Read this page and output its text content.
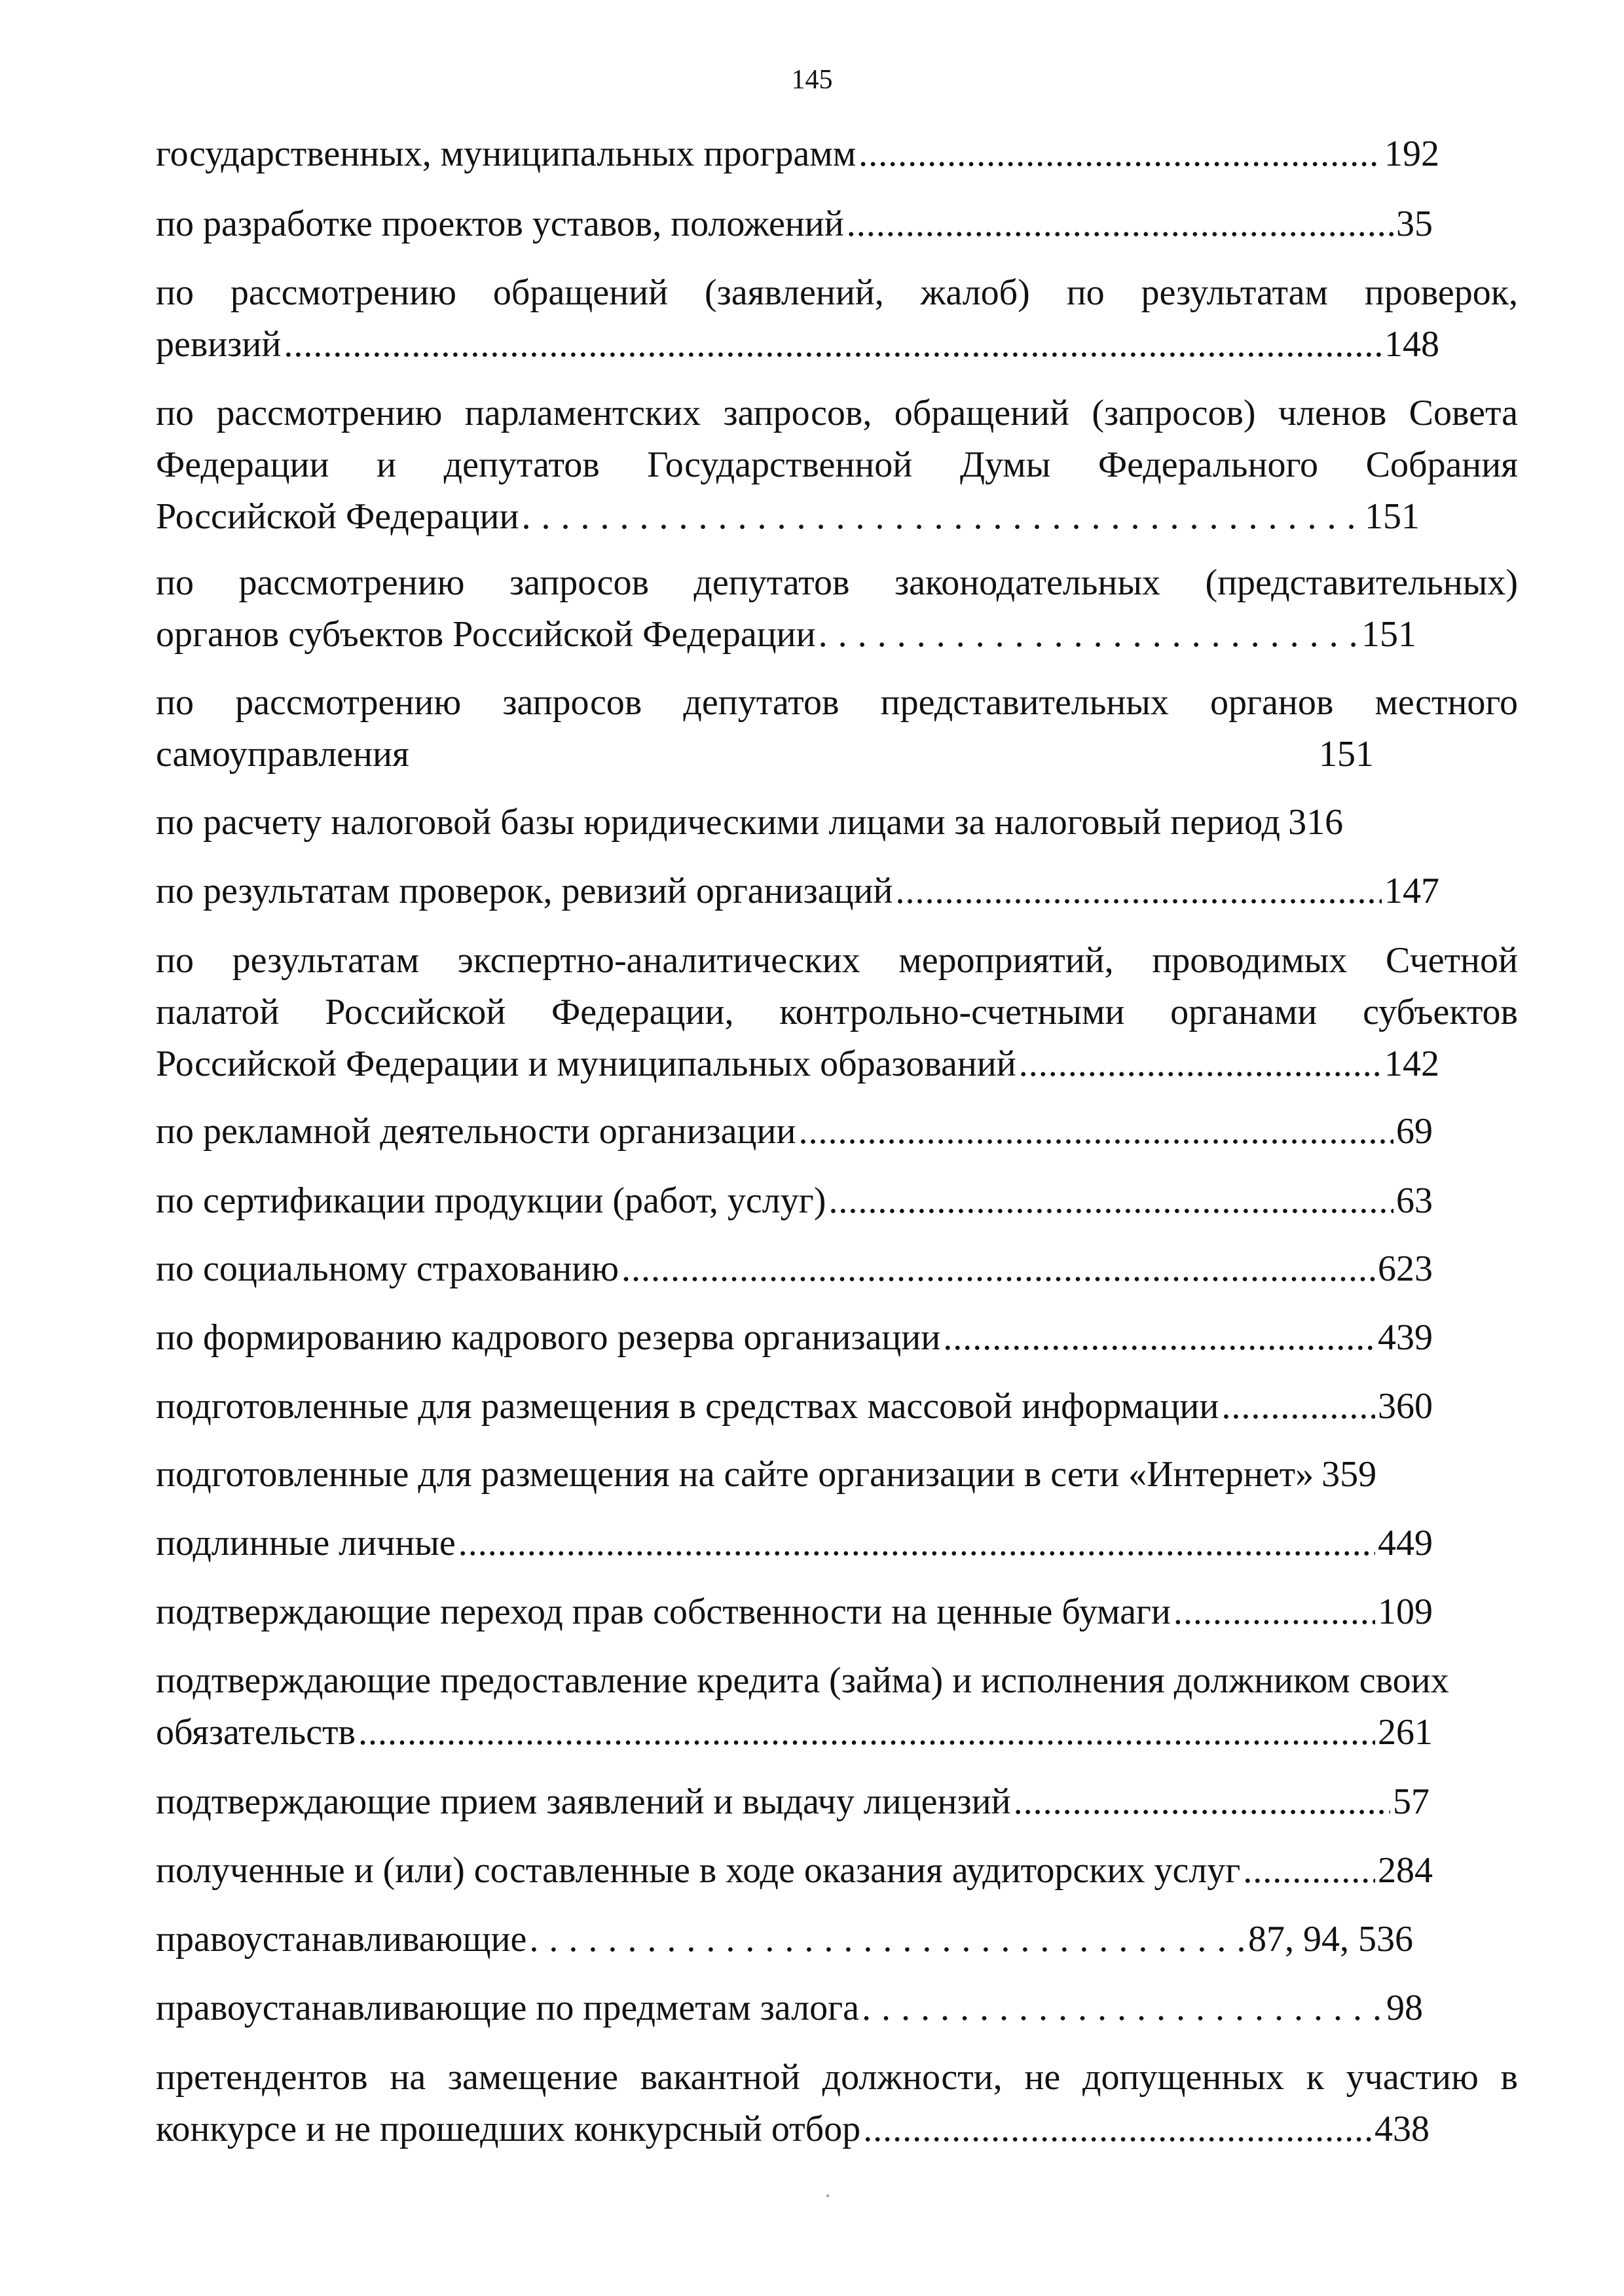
145
государственных, муниципальных программ .....	192
по разработке проектов уставов, положений .....	35
по рассмотрению обращений (заявлений, жалоб) по результатам проверок,
ревизий .....	148
по рассмотрению парламентских запросов, обращений (запросов) членов Совета
Федерации и депутатов Государственной Думы Федерального Собрания
Российской Федерации . . .	151
по рассмотрению запросов депутатов законодательных (представительных)
органов субъектов Российской Федерации . . .	151
по рассмотрению запросов депутатов представительных органов местного
самоуправления	151
по расчету налоговой базы юридическими лицами за налоговый период 316
по результатам проверок, ревизий организаций .....	147
по результатам экспертно-аналитических мероприятий, проводимых Счетной
палатой Российской Федерации, контрольно-счетными органами субъектов
Российской Федерации и муниципальных образований .....	142
по рекламной деятельности организации .....	69
по сертификации продукции (работ, услуг) .....	63
по социальному страхованию .....	623
по формированию кадрового резерва организации .....	439
подготовленные для размещения в средствах массовой информации .....	360
подготовленные для размещения на сайте организации в сети «Интернет» 359
подлинные личные .....	449
подтверждающие переход прав собственности на ценные бумаги .....	109
подтверждающие предоставление кредита (займа) и исполнения должником своих
обязательств .....	261
подтверждающие прием заявлений и выдачу лицензий .....	57
полученные и (или) составленные в ходе оказания аудиторских услуг .....	284
правоустанавливающие . . .	87, 94, 536
правоустанавливающие по предметам залога . . .	98
претендентов на замещение вакантной должности, не допущенных к участию в
конкурсе и не прошедших конкурсный отбор .....	438
